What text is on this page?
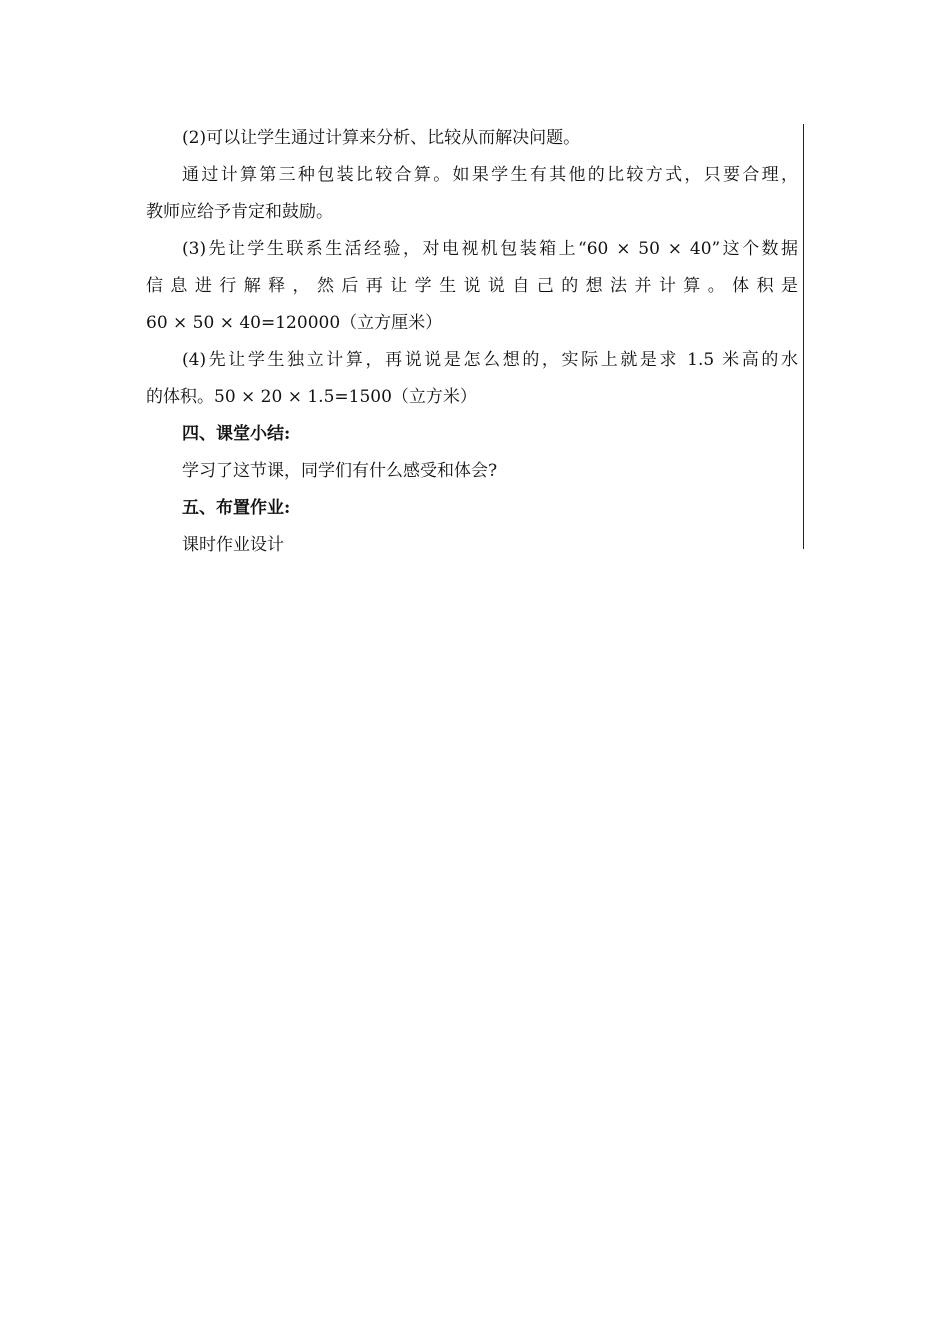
(2)可以让学生通过计算来分析、比较从而解决问题。
通过计算第三种包装比较合算。如果学生有其他的比较方式，只要合理，
教师应给予肯定和鼓励。
(3)先让学生联系生活经验，对电视机包装箱上“60 × 50 × 40”这个数据
信息进行解释，然后再让学生说说自己的想法并计算。体积是
60 × 50 × 40=120000（立方厘米）
(4)先让学生独立计算，再说说是怎么想的，实际上就是求 1.5 米高的水
的体积。50 × 20 × 1.5=1500（立方米）
四、课堂小结:
学习了这节课，同学们有什么感受和体会?
五、布置作业:
课时作业设计
